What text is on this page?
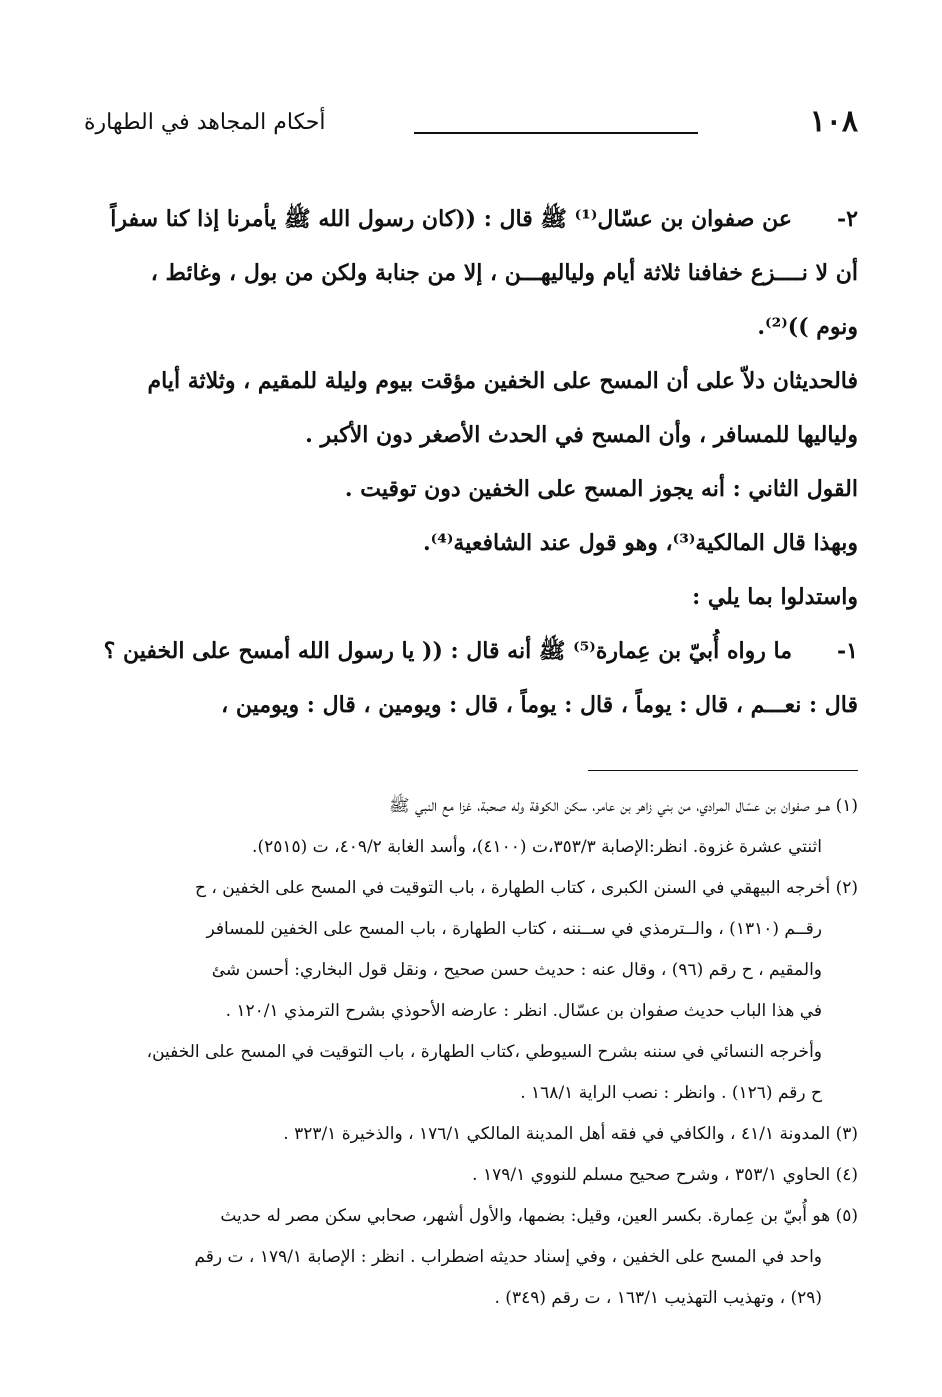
١٠٨
أحكام المجاهد في الطهارة
٢-
عن صفوان بن عسّال⁽¹⁾ ﷺ قال : ((كان رسول الله ﷺ يأمرنا إذا كنا سفراً
أن لا نــــزع خفافنا ثلاثة أيام ولياليهـــن ، إلا من جنابة ولكن من بول ، وغائط ،
ونوم ))⁽²⁾.
فالحديثان دلاّ على أن المسح على الخفين مؤقت بيوم وليلة للمقيم ، وثلاثة أيام
ولياليها للمسافر ، وأن المسح في الحدث الأصغر دون الأكبر .
القول الثاني : أنه يجوز المسح على الخفين دون توقيت .
وبهذا قال المالكية⁽³⁾، وهو قول عند الشافعية⁽⁴⁾.
واستدلوا بما يلي :
١-
ما رواه أُبيّ بن عِمارة⁽⁵⁾ ﷺ أنه قال : (( يا رسول الله أمسح على الخفين ؟
قال : نعـــم ، قال : يوماً ، قال : يوماً ، قال : ويومين ، قال : ويومين ،
(١) هــو صفوان بن عسّال المرادي، من بني زاهر بن عامر، سكن الكوفة وله صحبة، غزا مع النبي ﷺ
اثنتي عشرة غزوة. انظر:الإصابة ٣٥٣/٣،ت (٤١٠٠)، وأسد الغابة ٤٠٩/٢، ت (٢٥١٥).
(٢) أخرجه البيهقي في السنن الكبرى ، كتاب الطهارة ، باب التوقيت في المسح على الخفين ، ح
رقــم (١٣١٠) ، والــترمذي في ســننه ، كتاب الطهارة ، باب المسح على الخفين للمسافر
والمقيم ، ح رقم (٩٦) ، وقال عنه : حديث حسن صحيح ، ونقل قول البخاري: أحسن شئ
في هذا الباب حديث صفوان بن عسّال. انظر : عارضه الأحوذي بشرح الترمذي ١٢٠/١ .
وأخرجه النسائي في سننه بشرح السيوطي ،كتاب الطهارة ، باب التوقيت في المسح على الخفين،
ح رقم (١٢٦) . وانظر : نصب الراية ١٦٨/١ .
(٣) المدونة ٤١/١ ، والكافي في فقه أهل المدينة المالكي ١٧٦/١ ، والذخيرة ٣٢٣/١ .
(٤) الحاوي ٣٥٣/١ ، وشرح صحيح مسلم للنووي ١٧٩/١ .
(٥) هو أُبيّ بن عِمارة. بكسر العين، وقيل: بضمها، والأول أشهر، صحابي سكن مصر له حديث
واحد في المسح على الخفين ، وفي إسناد حديثه اضطراب . انظر : الإصابة ١٧٩/١ ، ت رقم
(٢٩) ، وتهذيب التهذيب ١٦٣/١ ، ت رقم (٣٤٩) .
